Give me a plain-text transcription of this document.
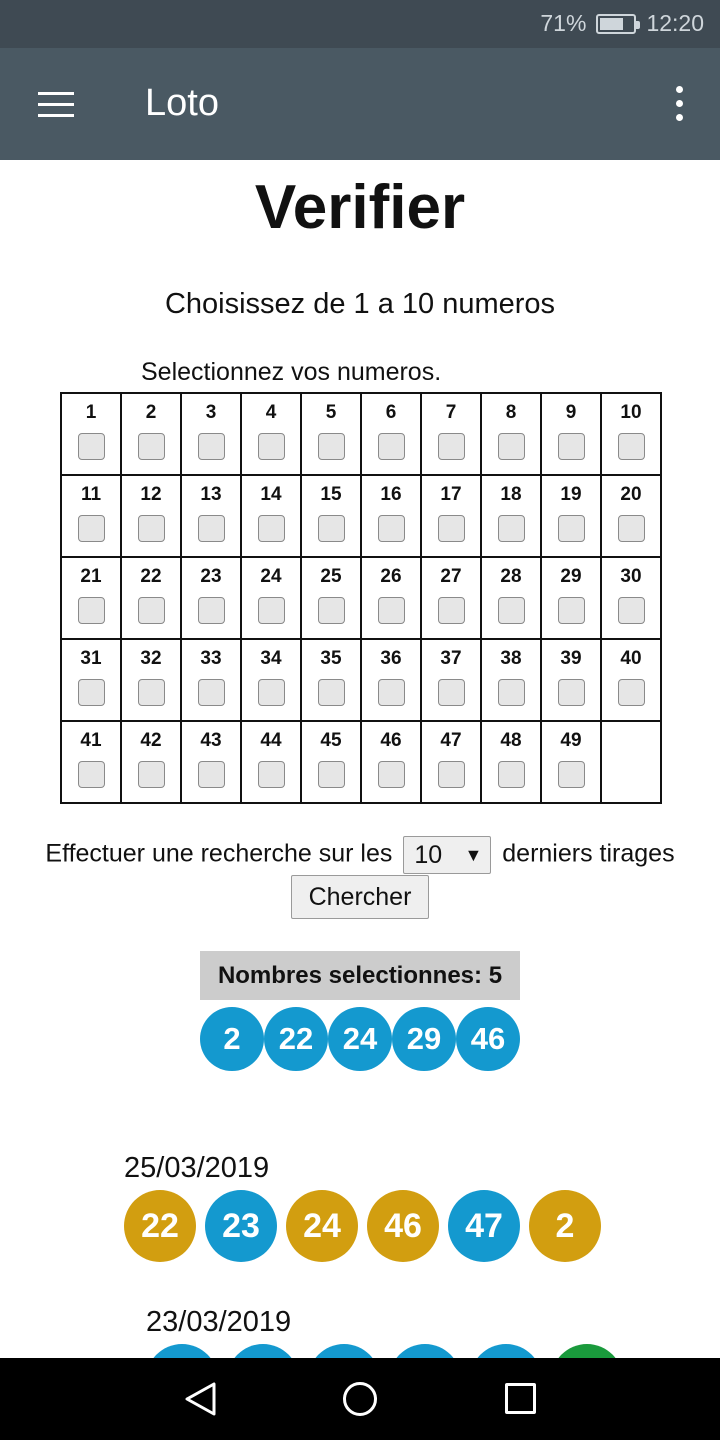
71%	12:20
Loto
Verifier
Choisissez de 1 a 10 numeros
Selectionnez vos numeros.
1	2	3	4	5	6	7	8	9	10

11	12	13	14	15	16	17	18	19	20

21	22	23	24	25	26	27	28	29	30

31	32	33	34	35	36	37	38	39	40

41	42	43	44	45	46	47	48	49	

Effectuer une recherche sur les 10 ▼ derniers tirages
Chercher
Nombres selectionnes: 5
2	22 24 29 46
25/03/2019
22	23	24	46	47	2
23/03/2019
